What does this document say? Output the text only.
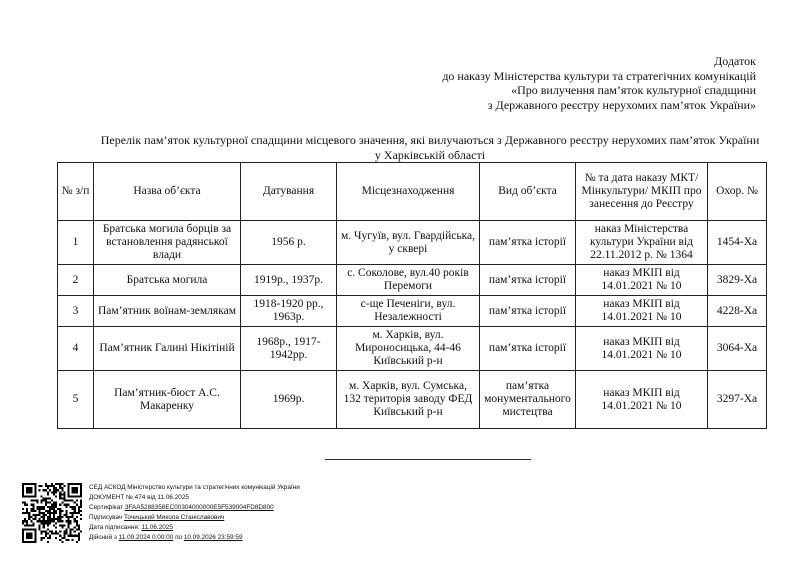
Додаток
до наказу Міністерства культури та стратегічних комунікацій
«Про вилучення пам’яток культурної спадщини
з Державного реєстру нерухомих пам’яток України»
Перелік пам’яток культурної спадщини місцевого значення, які вилучаються з Державного реєстру нерухомих пам’яток України у Харківській області
№ з/п	Назва об’єкта	Датування	Місцезнаходження	Вид об’єкта	№ та дата наказу МКТ/Мінкультури/ МКІП про занесення до Реєстру	Охор. №
1	Братська могила борців за встановлення радянської влади	1956 р.	м. Чугуїв, вул. Гвардійська, у сквері	пам’ятка історії	наказ Міністерства культури України від 22.11.2012 р. № 1364	1454-Ха
2	Братська могила	1919р., 1937р.	с. Соколове, вул.40 років Перемоги	пам’ятка історії	наказ МКІП від 14.01.2021 № 10	3829-Ха
3	Пам’ятник воїнам-землякам	1918-1920 рр., 1963р.	с-ще Печеніги, вул. Незалежності	пам’ятка історії	наказ МКІП від 14.01.2021 № 10	4228-Ха
4	Пам’ятник Галині Нікітіній	1968р., 1917-1942рр.	м. Харків, вул. Мироносицька, 44-46 Київський р-н	пам’ятка історії	наказ МКІП від 14.01.2021 № 10	3064-Ха
5	Пам’ятник-бюст А.С. Макаренку	1969р.	м. Харків, вул. Сумська, 132 територія заводу ФЕД Київський р-н	пам’ятка монументального мистецтва	наказ МКІП від 14.01.2021 № 10	3297-Ха
СЕД АСКОД Міністерство культури та стратегічних комунікацій України
ДОКУМЕНТ № 474 від 11.06.2025
Сертифікат 3FAA5288358EC00304000000E5F539004FD8D800
Підписувач Точицький Микола Станіславович
Дата підписання: 11.06.2025
Дійсний з 11.09.2024 0:00:00 по 10.09.2026 23:59:59
